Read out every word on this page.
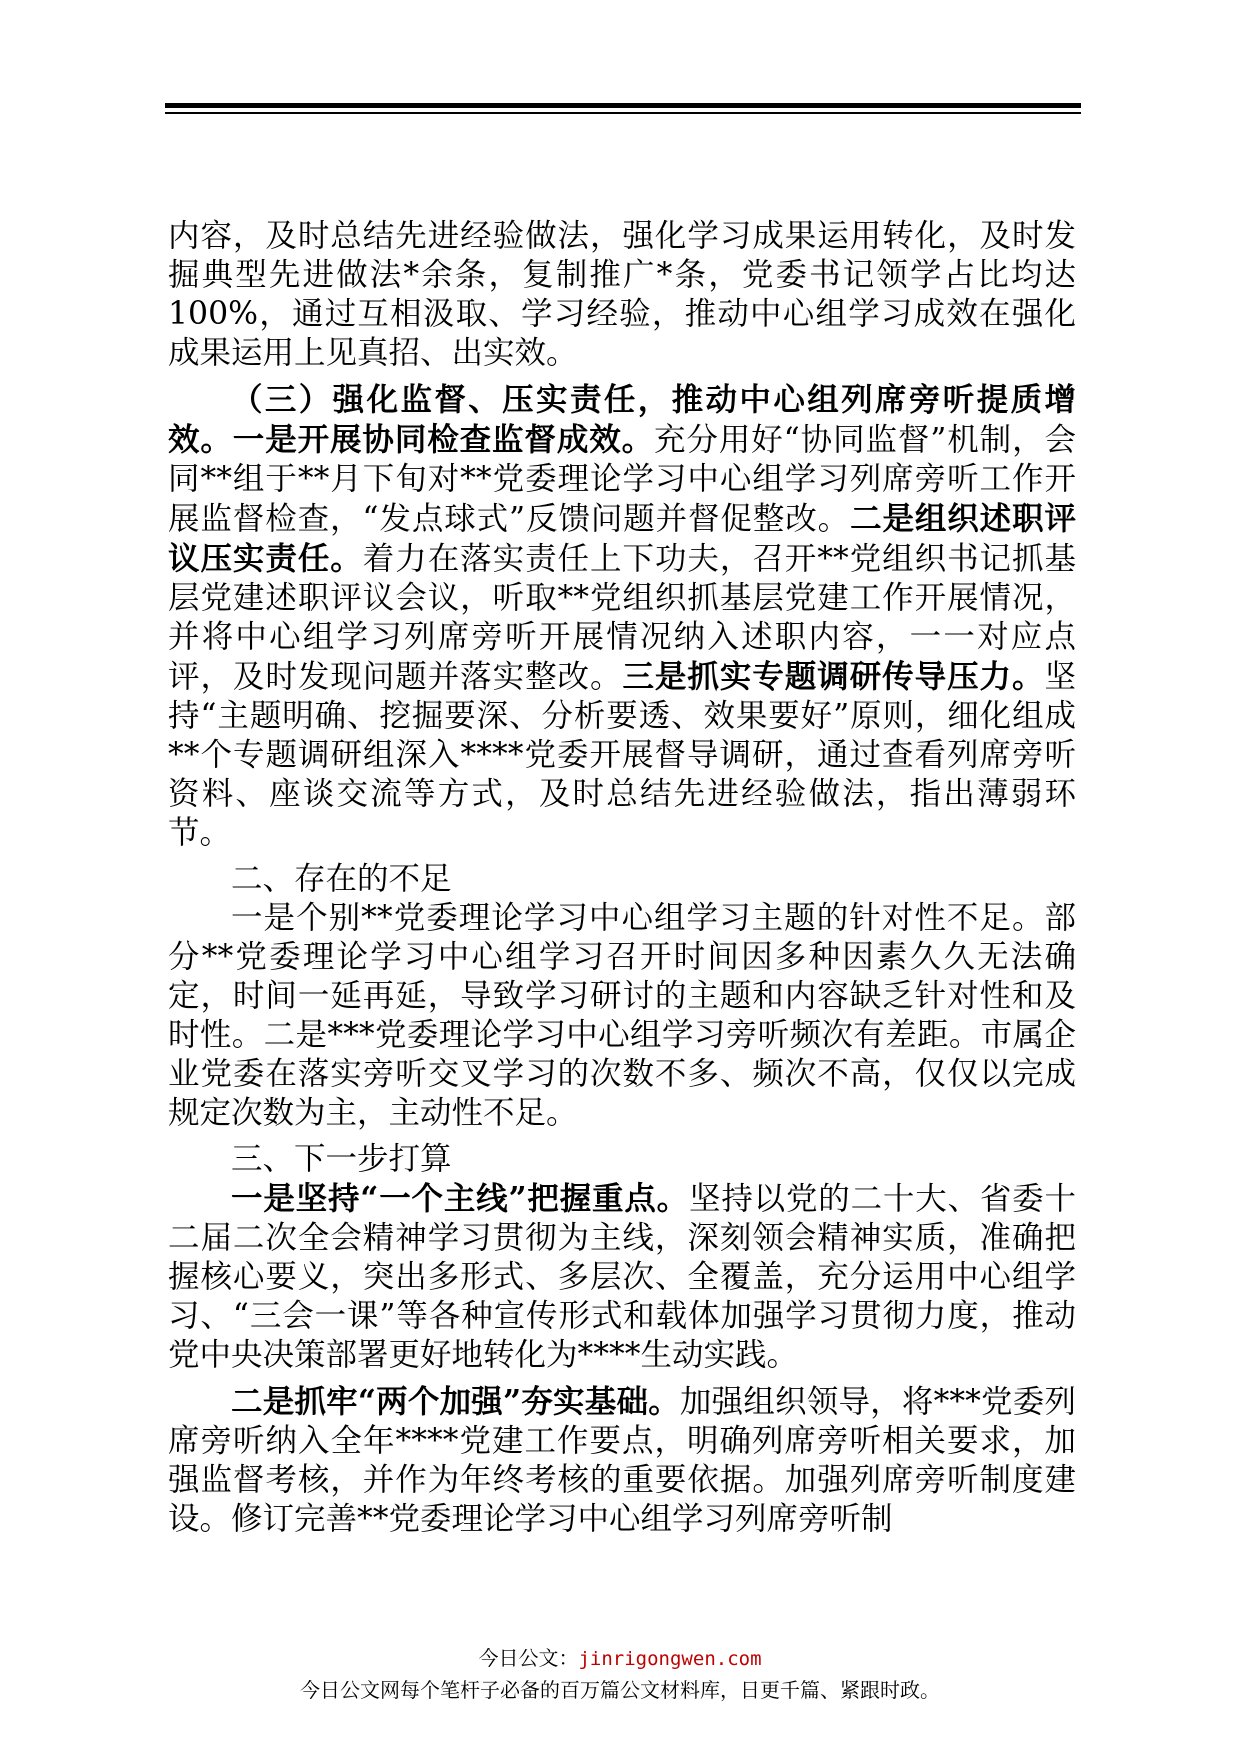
内容，及时总结先进经验做法，强化学习成果运用转化，及时发掘典型先进做法*余条，复制推广*条，党委书记领学占比均达100%，通过互相汲取、学习经验，推动中心组学习成效在强化成果运用上见真招、出实效。

（三）强化监督、压实责任，推动中心组列席旁听提质增效。一是开展协同检查监督成效。充分用好“协同监督”机制，会同**组于**月下旬对**党委理论学习中心组学习列席旁听工作开展监督检查，“发点球式”反馈问题并督促整改。二是组织述职评议压实责任。着力在落实责任上下功夫，召开**党组织书记抓基层党建述职评议会议，听取**党组织抓基层党建工作开展情况，并将中心组学习列席旁听开展情况纳入述职内容，一一对应点评，及时发现问题并落实整改。三是抓实专题调研传导压力。坚持“主题明确、挖掘要深、分析要透、效果要好”原则，细化组成**个专题调研组深入****党委开展督导调研，通过查看列席旁听资料、座谈交流等方式，及时总结先进经验做法，指出薄弱环节。

二、存在的不足

一是个别**党委理论学习中心组学习主题的针对性不足。部分**党委理论学习中心组学习召开时间因多种因素久久无法确定，时间一延再延，导致学习研讨的主题和内容缺乏针对性和及时性。二是***党委理论学习中心组学习旁听频次有差距。市属企业党委在落实旁听交叉学习的次数不多、频次不高，仅仅以完成规定次数为主，主动性不足。

三、下一步打算

一是坚持“一个主线”把握重点。坚持以党的二十大、省委十二届二次全会精神学习贯彻为主线，深刻领会精神实质，准确把握核心要义，突出多形式、多层次、全覆盖，充分运用中心组学习、“三会一课”等各种宣传形式和载体加强学习贯彻力度，推动党中央决策部署更好地转化为****生动实践。

二是抓牢“两个加强”夯实基础。加强组织领导，将***党委列席旁听纳入全年****党建工作要点，明确列席旁听相关要求，加强监督考核，并作为年终考核的重要依据。加强列席旁听制度建设。修订完善**党委理论学习中心组学习列席旁听制

今日公文：jinrigongwen.com
今日公文网每个笔杆子必备的百万篇公文材料库，日更千篇、紧跟时政。
